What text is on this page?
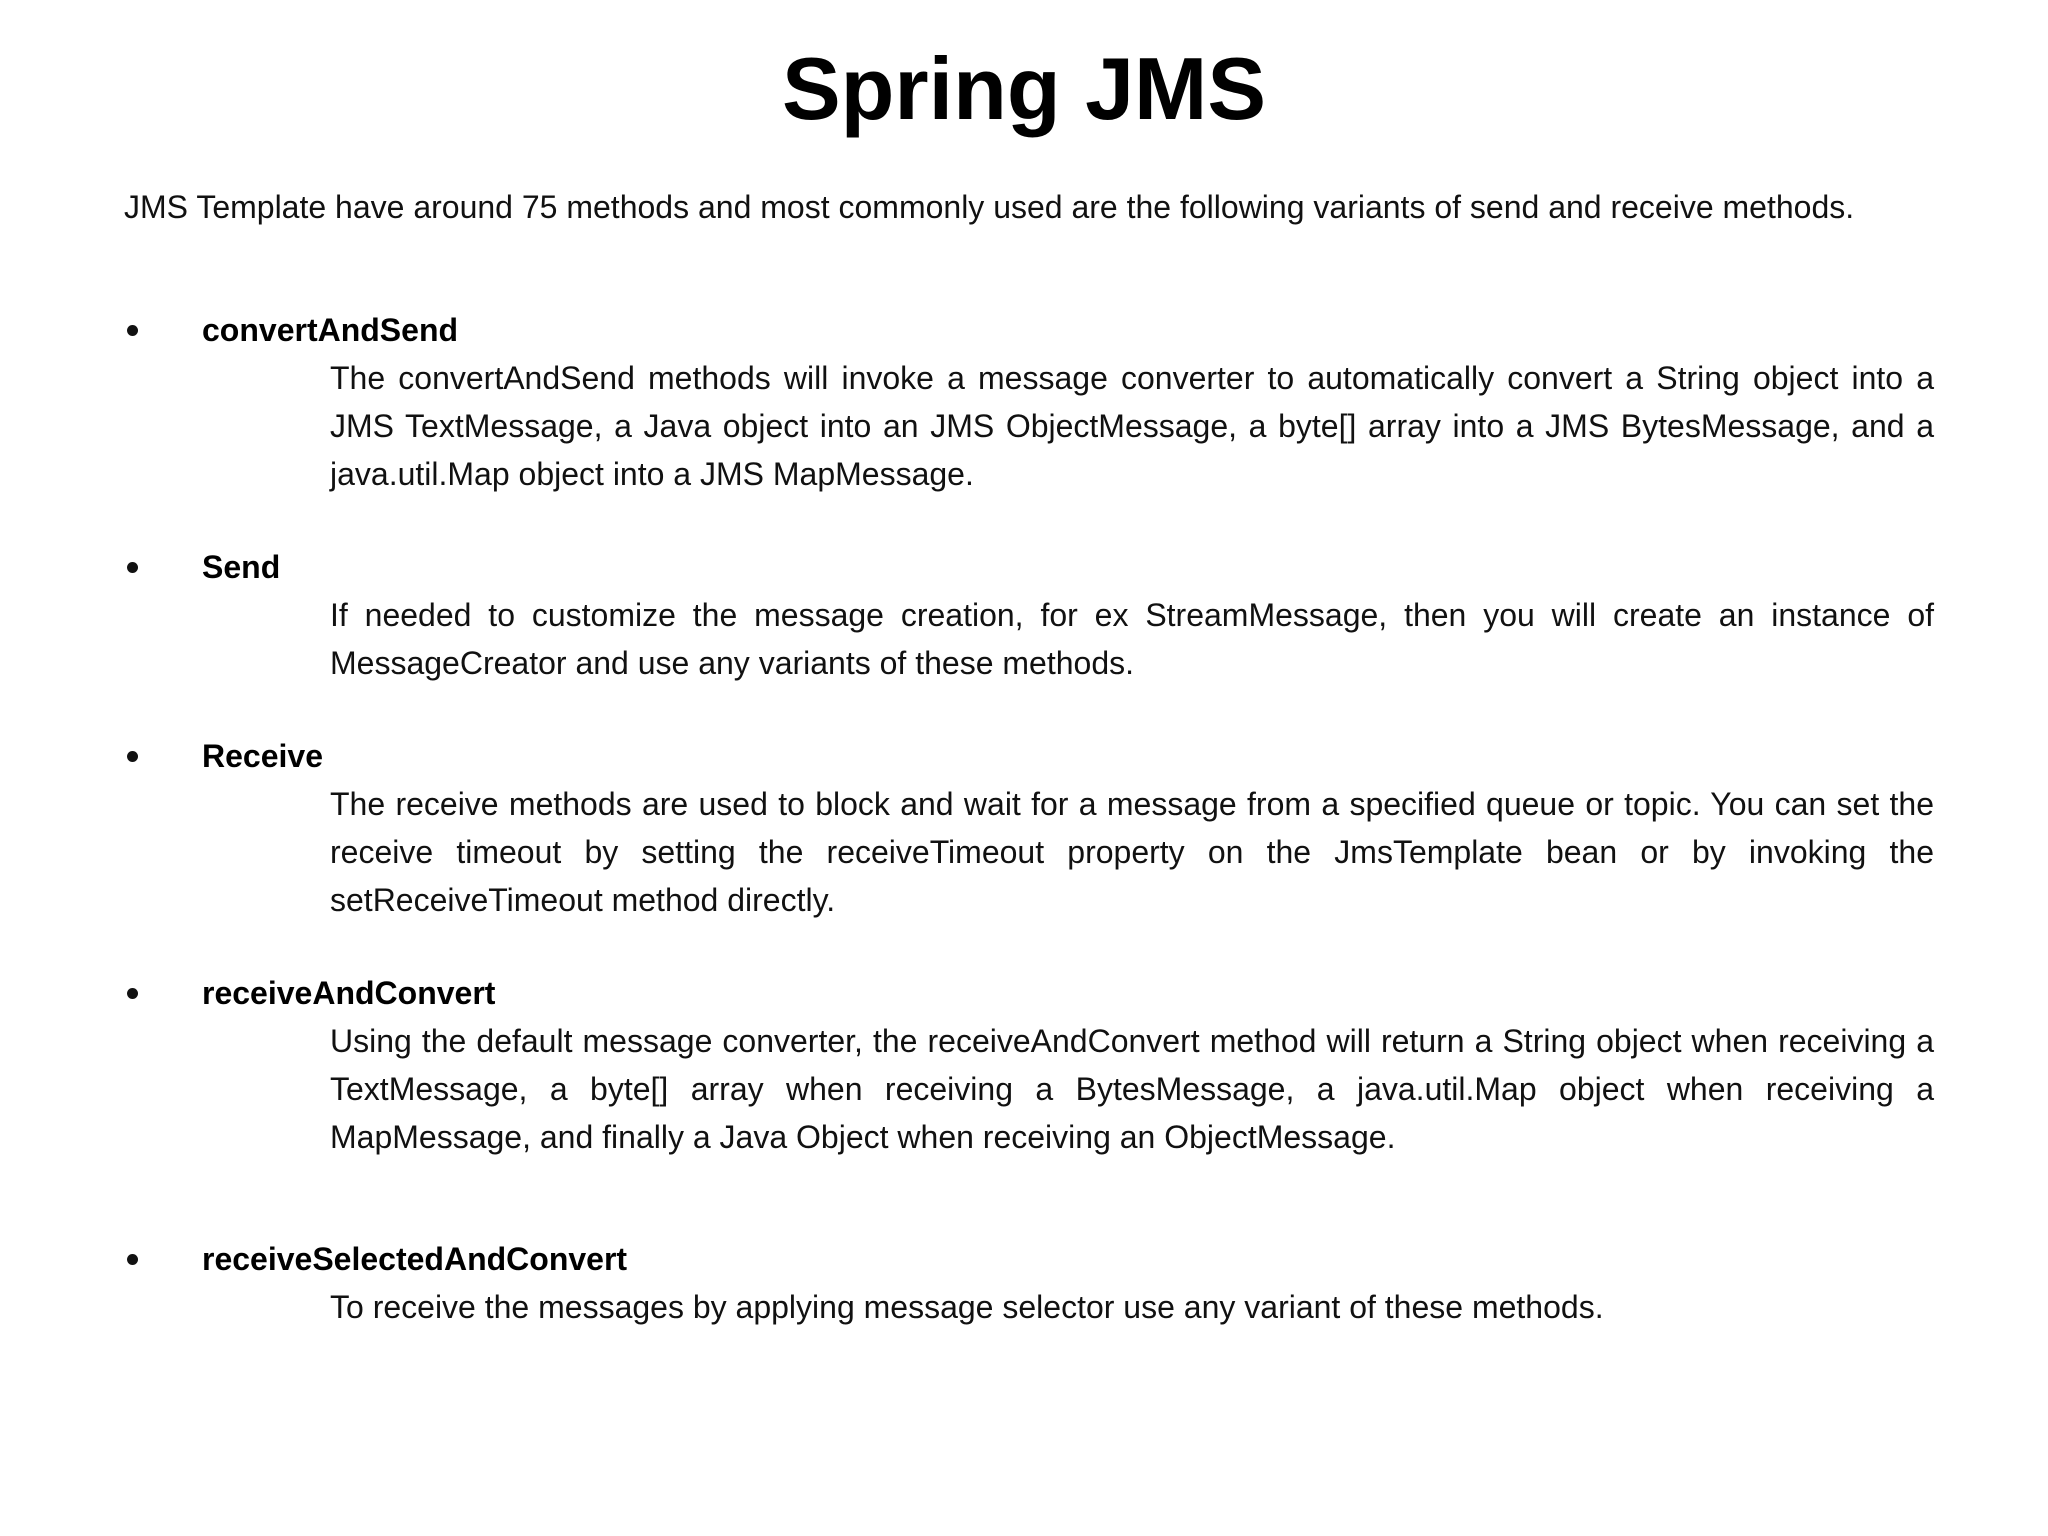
Spring JMS

JMS Template have around 75 methods and most commonly used are the following variants of send and receive methods.

convertAndSend

The convertAndSend methods will invoke a message converter to automatically convert a String object into a JMS TextMessage, a Java object into an JMS ObjectMessage, a byte[] array into a JMS BytesMessage, and a java.util.Map object into a JMS MapMessage.

Send

If needed to customize the message creation, for ex StreamMessage, then you will create an instance of MessageCreator and use any variants of these methods.

Receive

The receive methods are used to block and wait for a message from a specified queue or topic. You can set the receive timeout by setting the receiveTimeout property on the JmsTemplate bean or by invoking the setReceiveTimeout method directly.

receiveAndConvert

Using the default message converter, the receiveAndConvert method will return a String object when receiving a TextMessage, a byte[] array when receiving a BytesMessage, a java.util.Map object when receiving a MapMessage, and finally a Java Object when receiving an ObjectMessage.

receiveSelectedAndConvert

To receive the messages by applying message selector use any variant of these methods.
